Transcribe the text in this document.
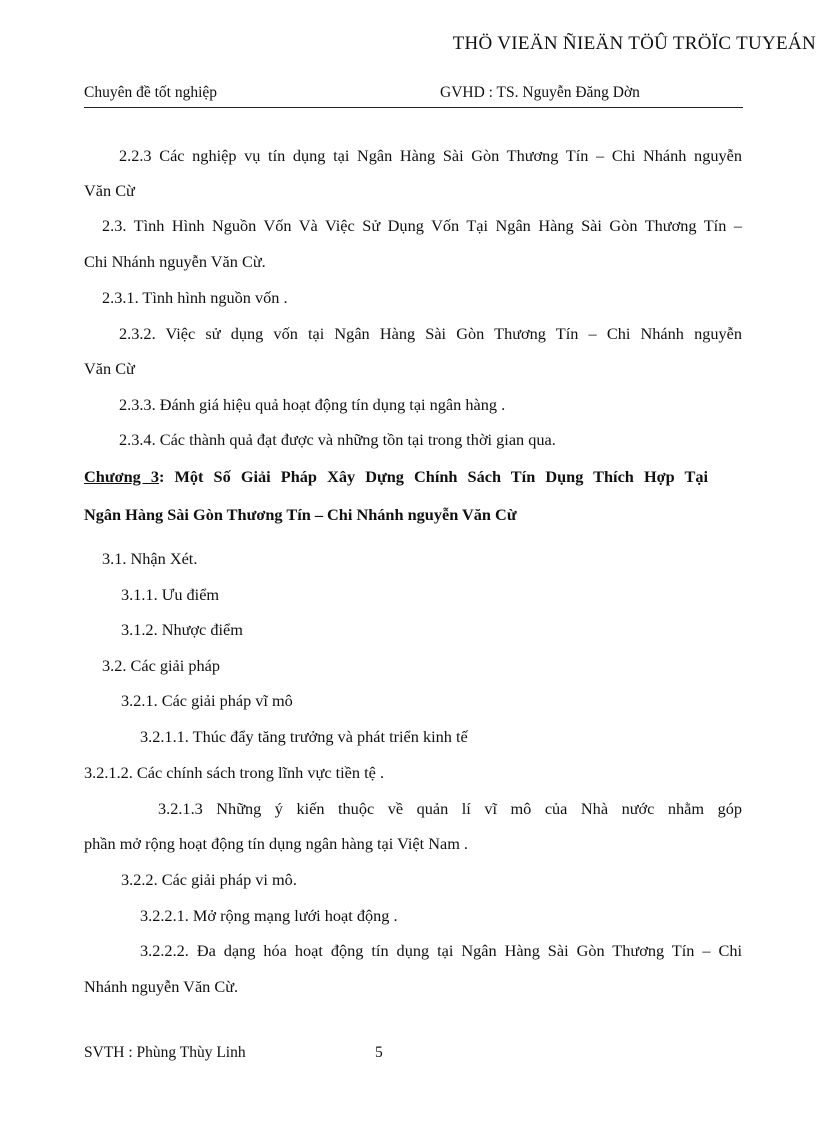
THÖ VIEÄN ÑIEÄN TÖÛ TRÖÏC TUYEÁN
Chuyên đề tốt nghiệp	GVHD : TS. Nguyễn Đăng Dờn
2.2.3 Các nghiệp vụ tín dụng tại Ngân Hàng Sài Gòn Thương Tín – Chi Nhánh nguyễn
Văn Cừ
2.3. Tình Hình Nguồn Vốn Và Việc Sử Dụng Vốn Tại Ngân Hàng Sài Gòn Thương Tín –
Chi Nhánh nguyễn Văn Cừ.
2.3.1. Tình hình nguồn vốn .
2.3.2. Việc sử dụng vốn tại Ngân Hàng Sài Gòn Thương Tín – Chi Nhánh nguyễn
Văn Cừ
2.3.3. Đánh giá hiệu quả hoạt động tín dụng tại ngân hàng .
2.3.4. Các thành quả đạt được và những tồn tại trong thời gian qua.
Chương 3: Một Số Giải Pháp Xây Dựng Chính Sách Tín Dụng Thích Hợp Tại
Ngân Hàng Sài Gòn Thương Tín – Chi Nhánh nguyễn Văn Cừ
3.1. Nhận Xét.
3.1.1. Ưu điểm
3.1.2. Nhược điểm
3.2. Các giải pháp
3.2.1. Các giải pháp vĩ mô
3.2.1.1. Thúc đẩy tăng trưởng và phát triển kinh tế
3.2.1.2. Các chính sách trong lĩnh vực tiền tệ .
3.2.1.3 Những ý kiến thuộc về quản lí vĩ mô của Nhà nước nhằm góp
phần mở rộng hoạt động tín dụng ngân hàng tại Việt Nam .
3.2.2. Các giải pháp vi mô.
3.2.2.1. Mở rộng mạng lưới hoạt động .
3.2.2.2. Đa dạng hóa hoạt động tín dụng tại Ngân Hàng Sài Gòn Thương Tín – Chi
Nhánh nguyễn Văn Cừ.
SVTH : Phùng Thùy Linh	5
